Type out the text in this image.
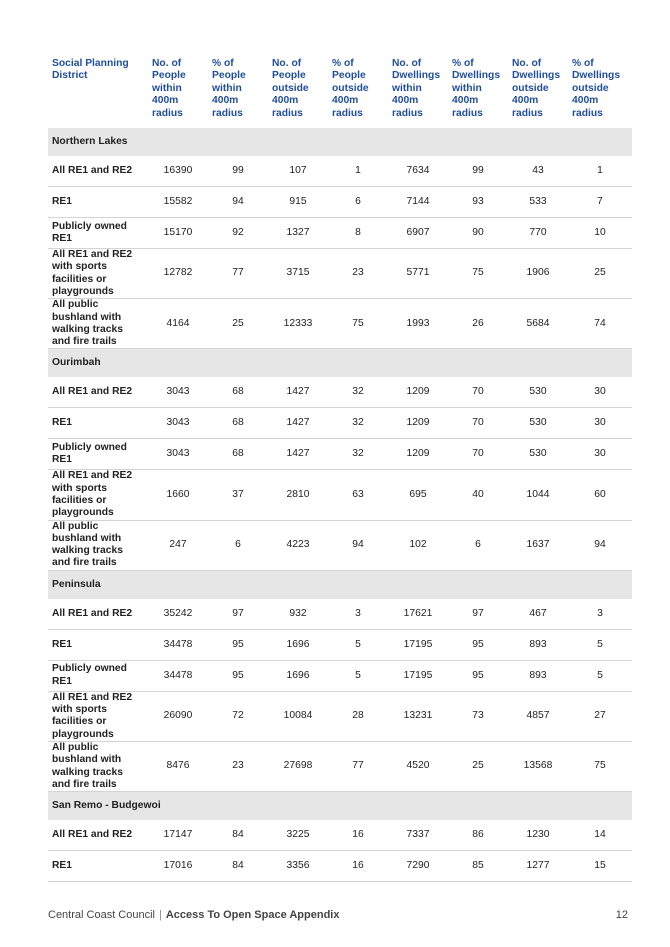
Social Planning District	No. of People within 400m radius	% of People within 400m radius	No. of People outside 400m radius	% of People outside 400m radius	No. of Dwellings within 400m radius	% of Dwellings within 400m radius	No. of Dwellings outside 400m radius	% of Dwellings outside 400m radius
Northern Lakes								
All RE1 and RE2	16390	99	107	1	7634	99	43	1
RE1	15582	94	915	6	7144	93	533	7
Publicly owned RE1	15170	92	1327	8	6907	90	770	10
All RE1 and RE2 with sports facilities or playgrounds	12782	77	3715	23	5771	75	1906	25
All public bushland with walking tracks and fire trails	4164	25	12333	75	1993	26	5684	74
Ourimbah								
All RE1 and RE2	3043	68	1427	32	1209	70	530	30
RE1	3043	68	1427	32	1209	70	530	30
Publicly owned RE1	3043	68	1427	32	1209	70	530	30
All RE1 and RE2 with sports facilities or playgrounds	1660	37	2810	63	695	40	1044	60
All public bushland with walking tracks and fire trails	247	6	4223	94	102	6	1637	94
Peninsula								
All RE1 and RE2	35242	97	932	3	17621	97	467	3
RE1	34478	95	1696	5	17195	95	893	5
Publicly owned RE1	34478	95	1696	5	17195	95	893	5
All RE1 and RE2 with sports facilities or playgrounds	26090	72	10084	28	13231	73	4857	27
All public bushland with walking tracks and fire trails	8476	23	27698	77	4520	25	13568	75
San Remo - Budgewoi								
All RE1 and RE2	17147	84	3225	16	7337	86	1230	14
RE1	17016	84	3356	16	7290	85	1277	15
Central Coast Council | Access To Open Space Appendix	12
